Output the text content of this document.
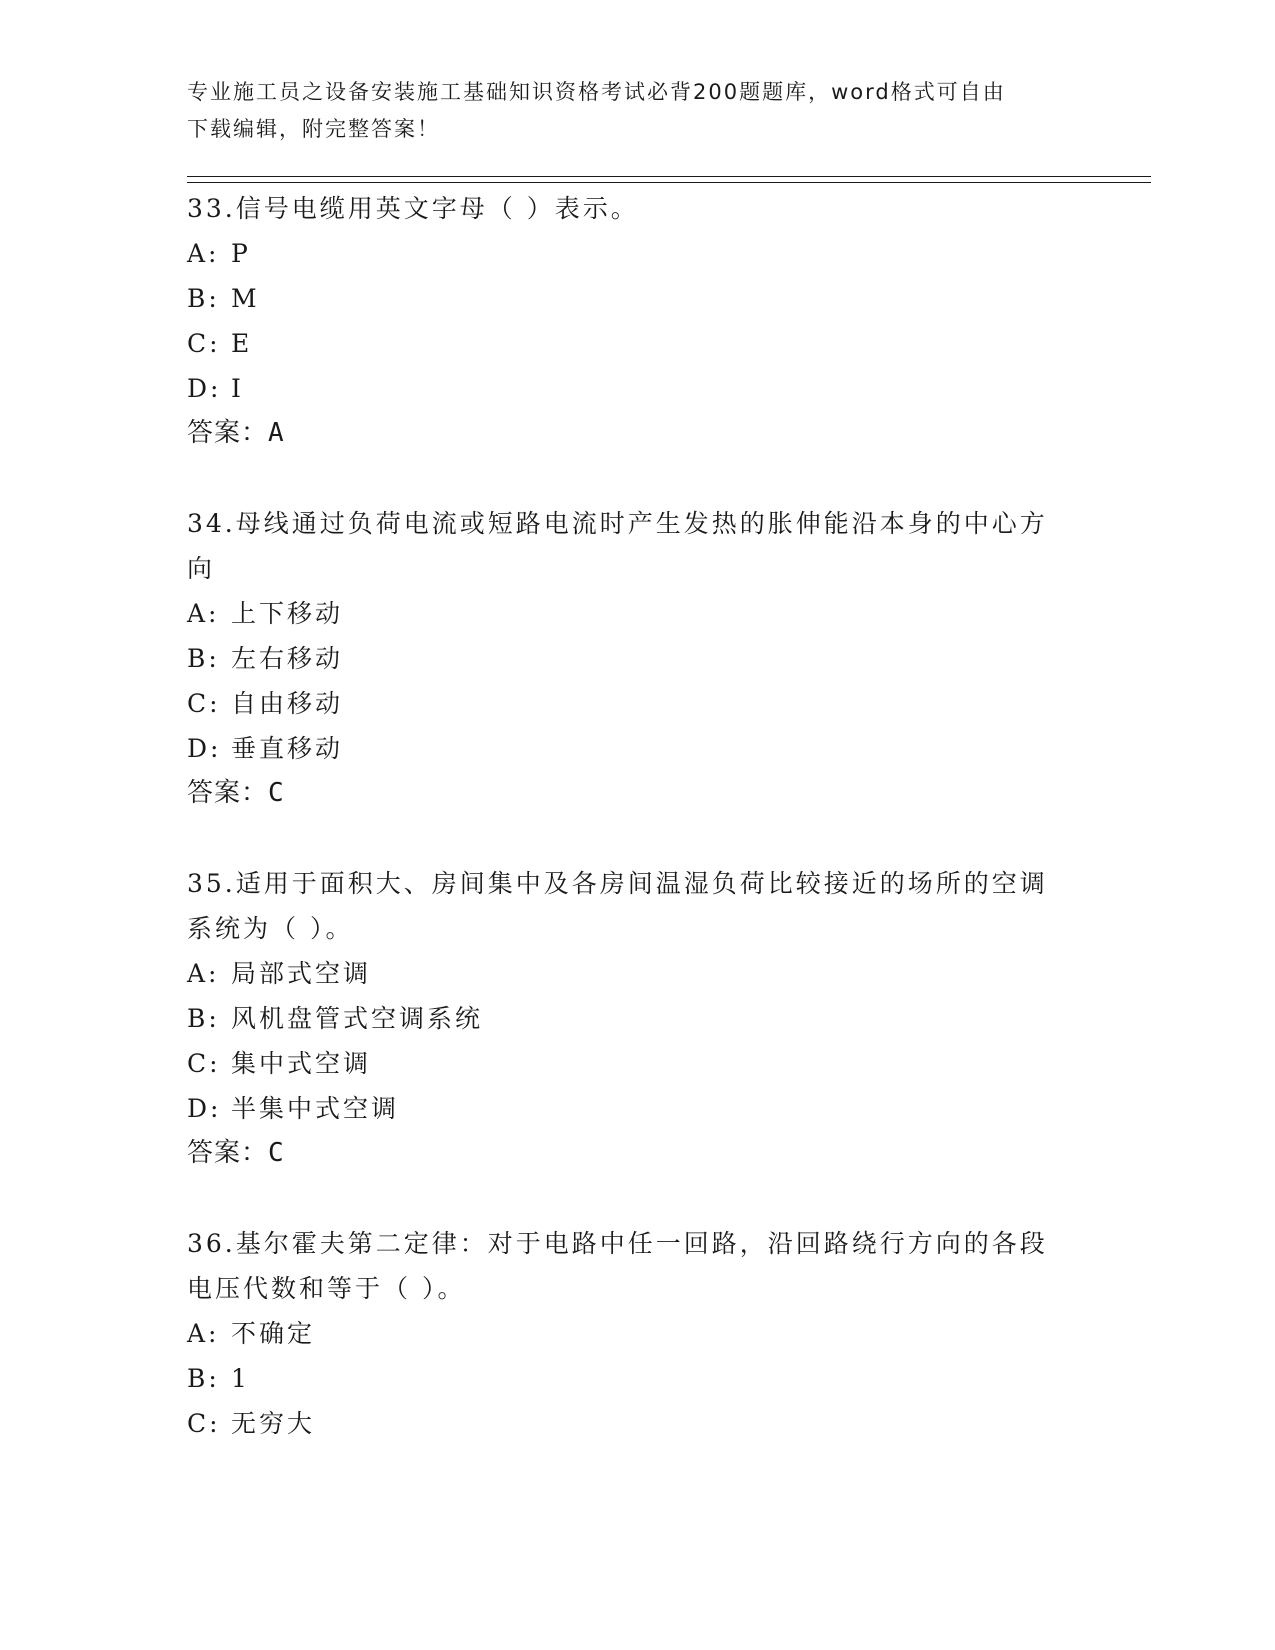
专业施工员之设备安装施工基础知识资格考试必背200题题库，word格式可自由
下载编辑，附完整答案！
33.信号电缆用英文字母（ ）表示。
A: P
B: M
C: E
D: I
答案：A
34.母线通过负荷电流或短路电流时产生发热的胀伸能沿本身的中心方向
A: 上下移动
B: 左右移动
C: 自由移动
D: 垂直移动
答案：C
35.适用于面积大、房间集中及各房间温湿负荷比较接近的场所的空调系统为（ ）。
A: 局部式空调
B: 风机盘管式空调系统
C: 集中式空调
D: 半集中式空调
答案：C
36.基尔霍夫第二定律：对于电路中任一回路，沿回路绕行方向的各段电压代数和等于（ ）。
A: 不确定
B: 1
C: 无穷大
